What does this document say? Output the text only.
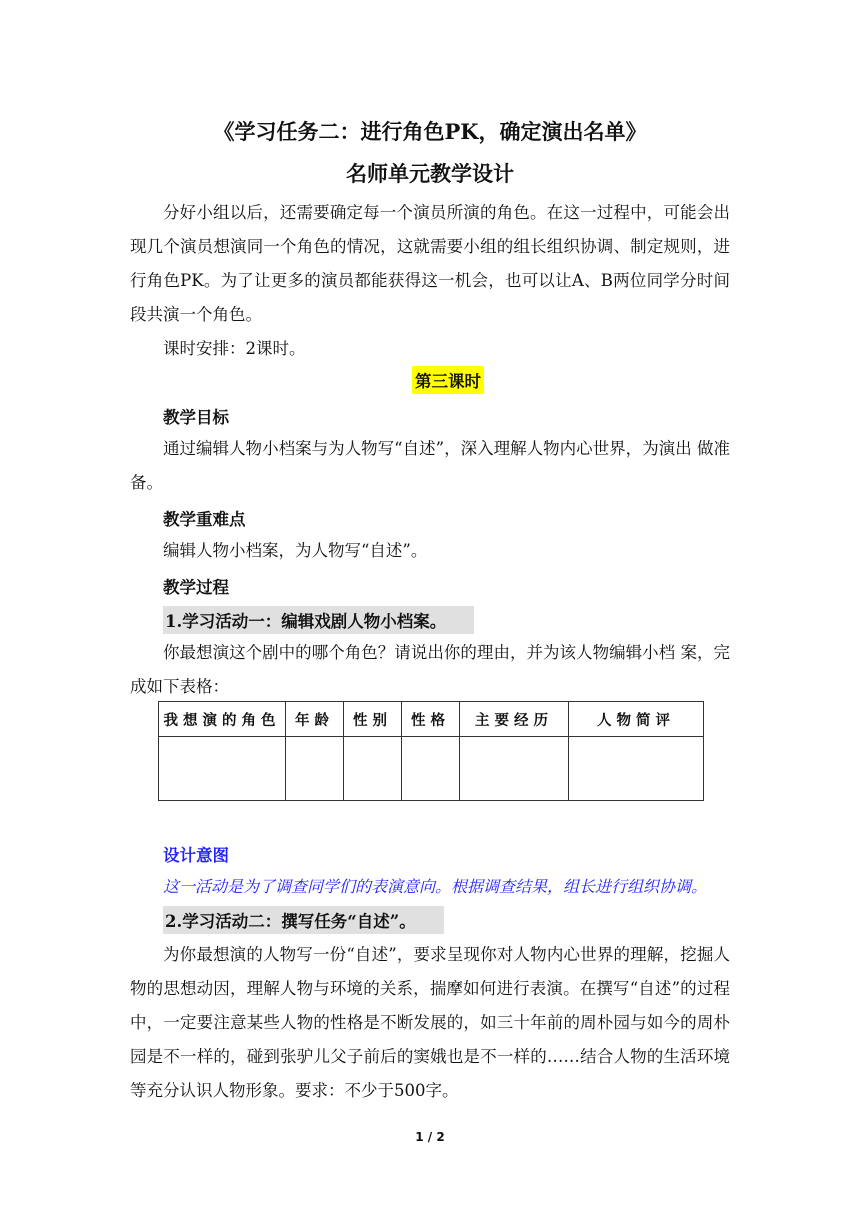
《学习任务二：进行角色PK，确定演出名单》
名师单元教学设计

分好小组以后，还需要确定每一个演员所演的角色。在这一过程中，可能会出现几个演员想演同一个角色的情况，这就需要小组的组长组织协调、制定规则，进行角色PK。为了让更多的演员都能获得这一机会，也可以让A、B两位同学分时间段共演一个角色。

课时安排：2课时。

第三课时
教学目标

通过编辑人物小档案与为人物写“自述”，深入理解人物内心世界，为演出 做准备。

教学重难点

编辑人物小档案，为人物写“自述”。

教学过程
1.学习活动一：编辑戏剧人物小档案。

你最想演这个剧中的哪个角色？请说出你的理由，并为该人物编辑小档 案，完成如下表格：

我想演的角色	年龄	性别	性格	主要经历	人物简评

设计意图
这一活动是为了调查同学们的表演意向。根据调查结果，组长进行组织协调。
2.学习活动二：撰写任务“自述”。

为你最想演的人物写一份“自述”，要求呈现你对人物内心世界的理解，挖掘人物的思想动因，理解人物与环境的关系，揣摩如何进行表演。在撰写“自述”的过程中，一定要注意某些人物的性格是不断发展的，如三十年前的周朴园与如今的周朴园是不一样的，碰到张驴儿父子前后的窦娥也是不一样的……结合人物的生活环境等充分认识人物形象。要求：不少于500字。

1 / 2
